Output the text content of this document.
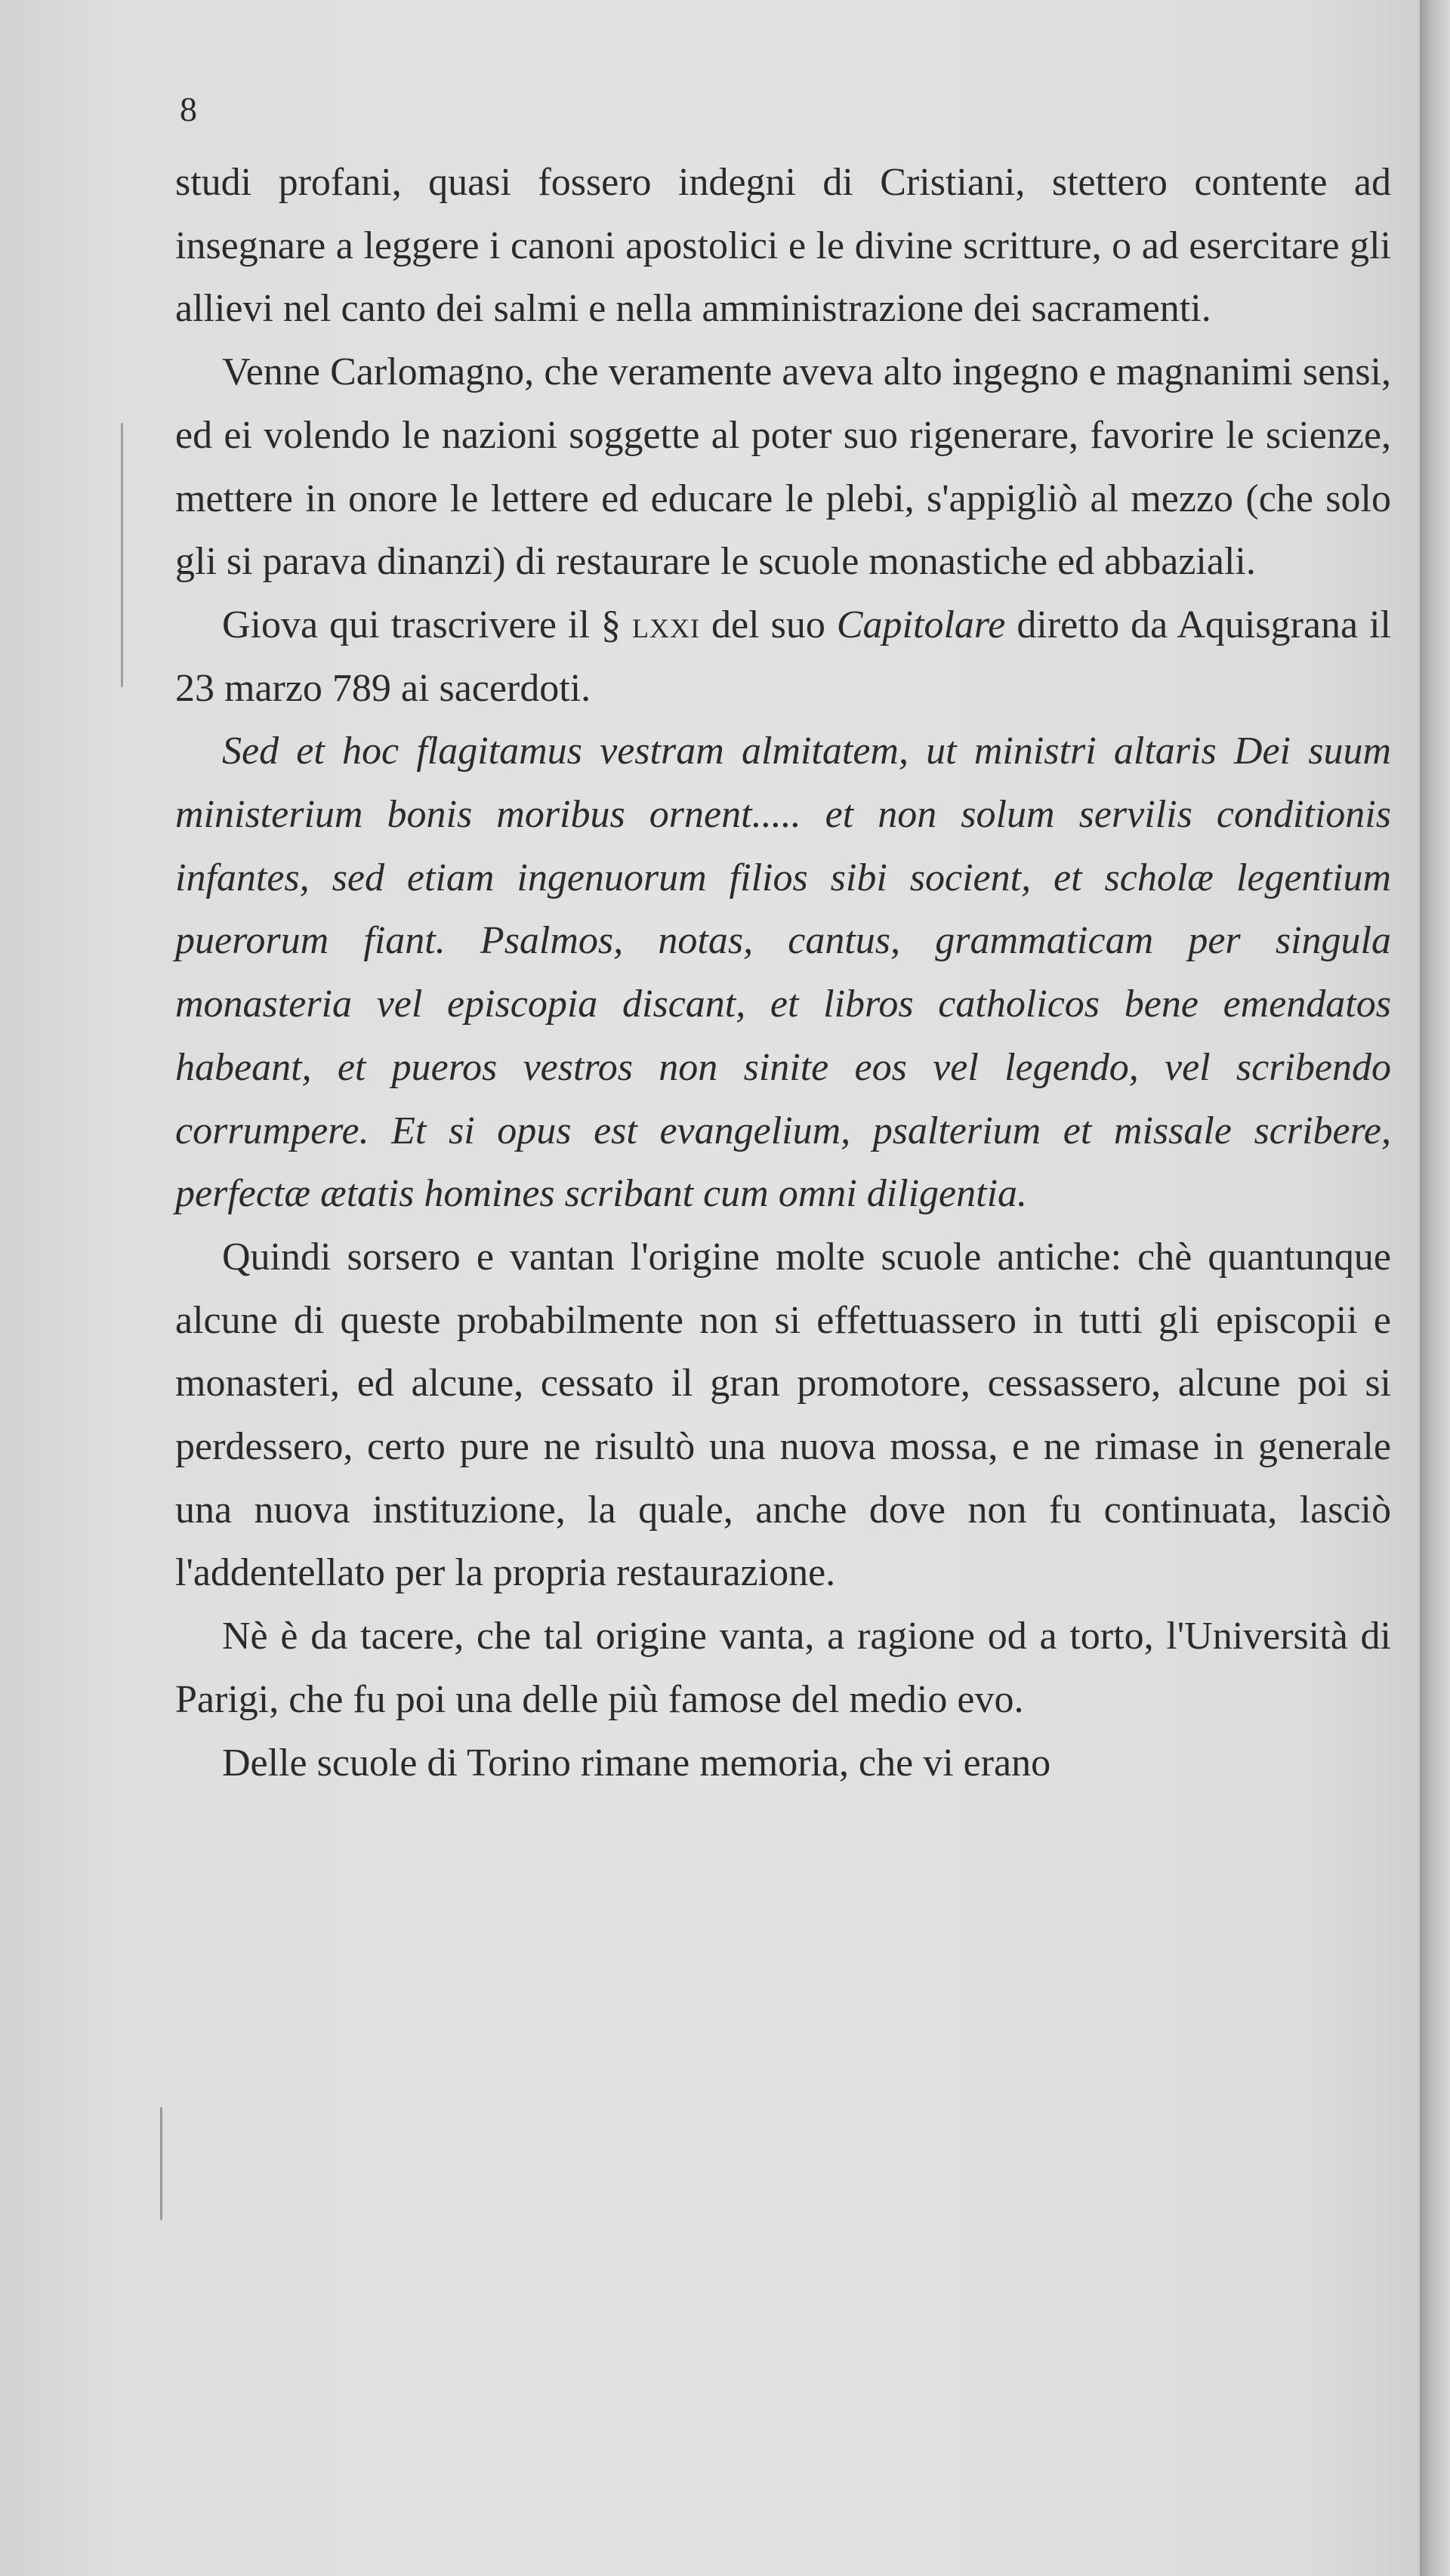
8

studi profani, quasi fossero indegni di Cristiani, stettero contente ad insegnare a leggere i canoni apostolici e le divine scritture, o ad esercitare gli allievi nel canto dei salmi e nella amministrazione dei sacramenti.

Venne Carlomagno, che veramente aveva alto ingegno e magnanimi sensi, ed ei volendo le nazioni soggette al poter suo rigenerare, favorire le scienze, mettere in onore le lettere ed educare le plebi, s'appigliò al mezzo (che solo gli si parava dinanzi) di restaurare le scuole monastiche ed abbaziali.

Giova qui trascrivere il § lxxi del suo Capitolare diretto da Aquisgrana il 23 marzo 789 ai sacerdoti.

Sed et hoc flagitamus vestram almitatem, ut ministri altaris Dei suum ministerium bonis moribus ornent..... et non solum servilis conditionis infantes, sed etiam ingenuorum filios sibi socient, et scholæ legentium puerorum fiant. Psalmos, notas, cantus, grammaticam per singula monasteria vel episcopia discant, et libros catholicos bene emendatos habeant, et pueros vestros non sinite eos vel legendo, vel scribendo corrumpere. Et si opus est evangelium, psalterium et missale scribere, perfectæ ætatis homines scribant cum omni diligentia.

Quindi sorsero e vantan l'origine molte scuole antiche: chè quantunque alcune di queste probabilmente non si effettuassero in tutti gli episcopii e monasteri, ed alcune, cessato il gran promotore, cessassero, alcune poi si perdessero, certo pure ne risultò una nuova mossa, e ne rimase in generale una nuova instituzione, la quale, anche dove non fu continuata, lasciò l'addentellato per la propria restaurazione.

Nè è da tacere, che tal origine vanta, a ragione od a torto, l'Università di Parigi, che fu poi una delle più famose del medio evo.

Delle scuole di Torino rimane memoria, che vi erano
